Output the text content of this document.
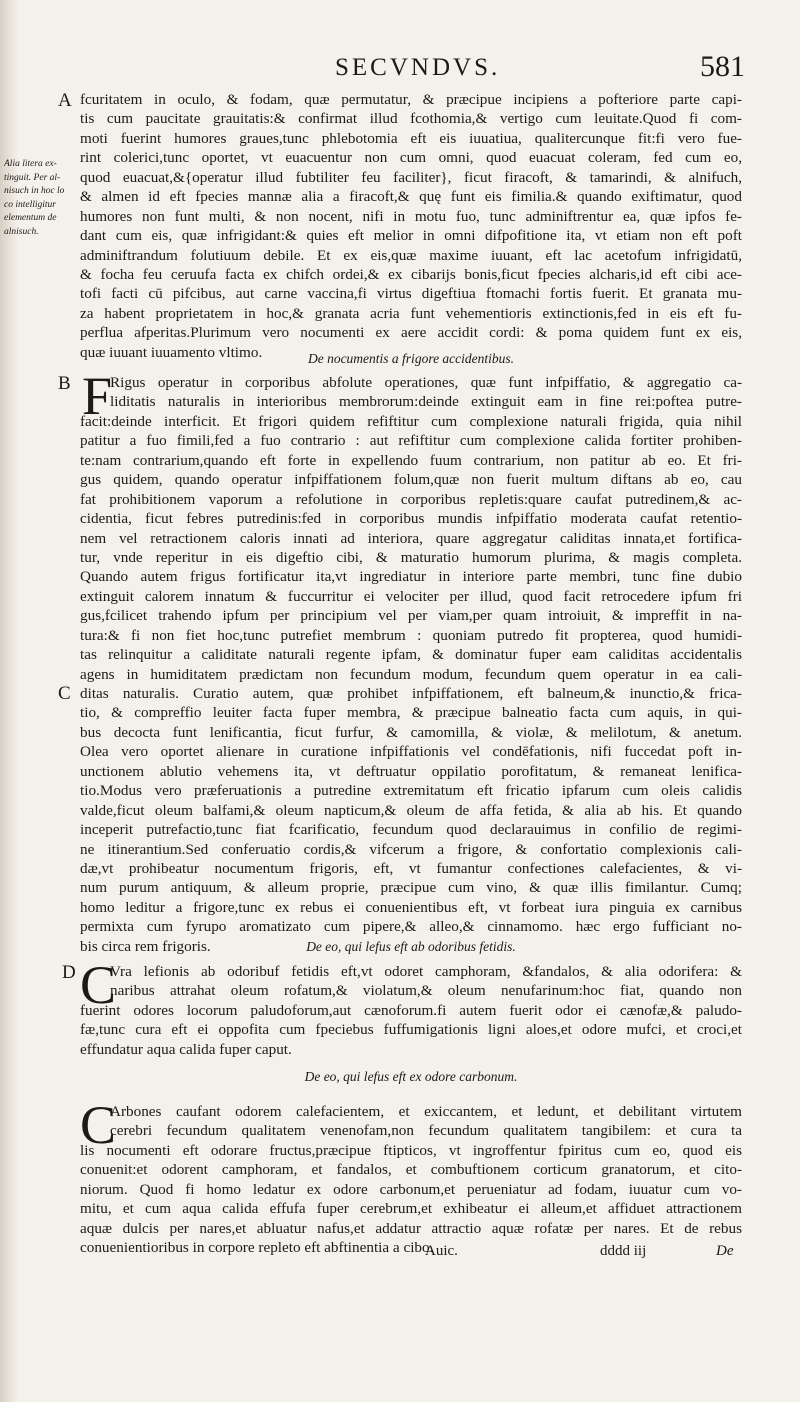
SECVNDVS.	581
Alia litera ex-
tinguit. Per al-
nisuch in hoc lo
co intelligitur
elementum de
alnisuch.
A
B
C
D
fcuritatem in oculo, & fodam, quæ permutatur, & præcipue incipiens a pofteriore parte capi-
tis cum paucitate grauitatis:& confirmat illud fcothomia,& vertigo cum leuitate.Quod fi com-
moti fuerint humores graues,tunc phlebotomia eft eis iuuatiua, qualitercunque fit:fi vero fue-
rint colerici,tunc oportet, vt euacuentur non cum omni, quod euacuat coleram, fed cum eo,
quod euacuat,&{operatur illud fubtiliter feu faciliter}, ficut firacoft, & tamarindi, & alnifuch,
& almen id eft fpecies mannæ alia a firacoft,& quę funt eis fimilia.& quando exiftimatur, quod
humores non funt multi, & non nocent, nifi in motu fuo, tunc adminiftrentur ea, quæ ipfos fe-
dant cum eis, quæ infrigidant:& quies eft melior in omni difpofitione ita, vt etiam non eft poft
adminiftrandum folutiuum debile. Et ex eis,quæ maxime iuuant, eft lac acetofum infrigidatū,
& focha feu ceruufa facta ex chifch ordei,& ex cibarijs bonis,ficut fpecies alcharis,id eft cibi ace-
tofi facti cū pifcibus, aut carne vaccina,fi virtus digeftiua ftomachi fortis fuerit. Et granata mu-
za habent proprietatem in hoc,& granata acria funt vehementioris extinctionis,fed in eis eft fu-
perflua afperitas.Plurimum vero nocumenti ex aere accidit cordi: & poma quidem funt ex eis,
quæ iuuant iuuamento vltimo.	De nocumentis a frigore accidentibus.
F
Rigus operatur in corporibus abfolute operationes, quæ funt infpiffatio, & aggregatio ca-
liditatis naturalis in interioribus membrorum:deinde extinguit eam in fine rei:poftea putre-
facit:deinde interficit. Et frigori quidem refiftitur cum complexione naturali frigida, quia nihil
patitur a fuo fimili,fed a fuo contrario : aut refiftitur cum complexione calida fortiter prohiben-
te:nam contrarium,quando eft forte in expellendo fuum contrarium, non patitur ab eo. Et fri-
gus quidem, quando operatur infpiffationem folum,quæ non fuerit multum diftans ab eo, cau
fat prohibitionem vaporum a refolutione in corporibus repletis:quare caufat putredinem,& ac-
cidentia, ficut febres putredinis:fed in corporibus mundis infpiffatio moderata caufat retentio-
nem vel retractionem caloris innati ad interiora, quare aggregatur caliditas innata,et fortifica-
tur, vnde reperitur in eis digeftio cibi, & maturatio humorum plurima, & magis completa.
Quando autem frigus fortificatur ita,vt ingrediatur in interiore parte membri, tunc fine dubio
extinguit calorem innatum & fuccurritur ei velociter per illud, quod facit retrocedere ipfum fri
gus,fcilicet trahendo ipfum per principium vel per viam,per quam introiuit, & impreffit in na-
tura:& fi non fiet hoc,tunc putrefiet membrum : quoniam putredo fit propterea, quod humidi-
tas relinquitur a caliditate naturali regente ipfam, & dominatur fuper eam caliditas accidentalis
agens in humiditatem prædictam non fecundum modum, fecundum quem operatur in ea cali-
ditas naturalis. Curatio autem, quæ prohibet infpiffationem, eft balneum,& inunctio,& frica-
tio, & compreffio leuiter facta fuper membra, & præcipue balneatio facta cum aquis, in qui-
bus decocta funt lenificantia, ficut furfur, & camomilla, & violæ, & melilotum, & anetum.
Olea vero oportet alienare in curatione infpiffationis vel condēfationis, nifi fuccedat poft in-
unctionem ablutio vehemens ita, vt deftruatur oppilatio porofitatum, & remaneat lenifica-
tio.Modus vero præferuationis a putredine extremitatum eft fricatio ipfarum cum oleis calidis
valde,ficut oleum balfami,& oleum napticum,& oleum de affa fetida, & alia ab his. Et quando
inceperit putrefactio,tunc fiat fcarificatio, fecundum quod declarauimus in confilio de regimi-
ne itinerantium.Sed conferuatio cordis,& vifcerum a frigore, & confortatio complexionis cali-
dæ,vt prohibeatur nocumentum frigoris, eft, vt fumantur confectiones calefacientes, & vi-
num purum antiquum, & alleum proprie, præcipue cum vino, & quæ illis fimilantur. Cumq;
homo leditur a frigore,tunc ex rebus ei conuenientibus eft, vt forbeat iura pinguia ex carnibus
permixta cum fyrupo aromatizato cum pipere,& alleo,& cinnamomo. hæc ergo fufficiant no-
bis circa rem frigoris.	De eo, qui lefus eft ab odoribus fetidis.
C
Vra lefionis ab odoribuf fetidis eft,vt odoret camphoram, &fandalos, & alia odorifera: &
naribus attrahat oleum rofatum,& violatum,& oleum nenufarinum:hoc fiat, quando non
fuerint odores locorum paludoforum,aut cænoforum.fi autem fuerit odor ei cænofæ,& paludo-
fæ,tunc cura eft ei oppofita cum fpeciebus fuffumigationis ligni aloes,et odore mufci, et croci,et
effundatur aqua calida fuper caput.
De eo, qui lefus eft ex odore carbonum.
C
Arbones caufant odorem calefacientem, et exiccantem, et ledunt, et debilitant virtutem
cerebri fecundum qualitatem venenofam,non fecundum qualitatem tangibilem: et cura ta
lis nocumenti eft odorare fructus,præcipue ftipticos, vt ingroffentur fpiritus cum eo, quod eis
conuenit:et odorent camphoram, et fandalos, et combuftionem corticum granatorum, et cito-
niorum. Quod fi homo ledatur ex odore carbonum,et perueniatur ad fodam, iuuatur cum vo-
mitu, et cum aqua calida effufa fuper cerebrum,et exhibeatur ei alleum,et affiduet attractionem
aquæ dulcis per nares,et abluatur nafus,et addatur attractio aquæ rofatæ per nares. Et de rebus
conuenientioribus in corpore repleto eft abftinentia a cibo.
Auic.	dddd iij	De
